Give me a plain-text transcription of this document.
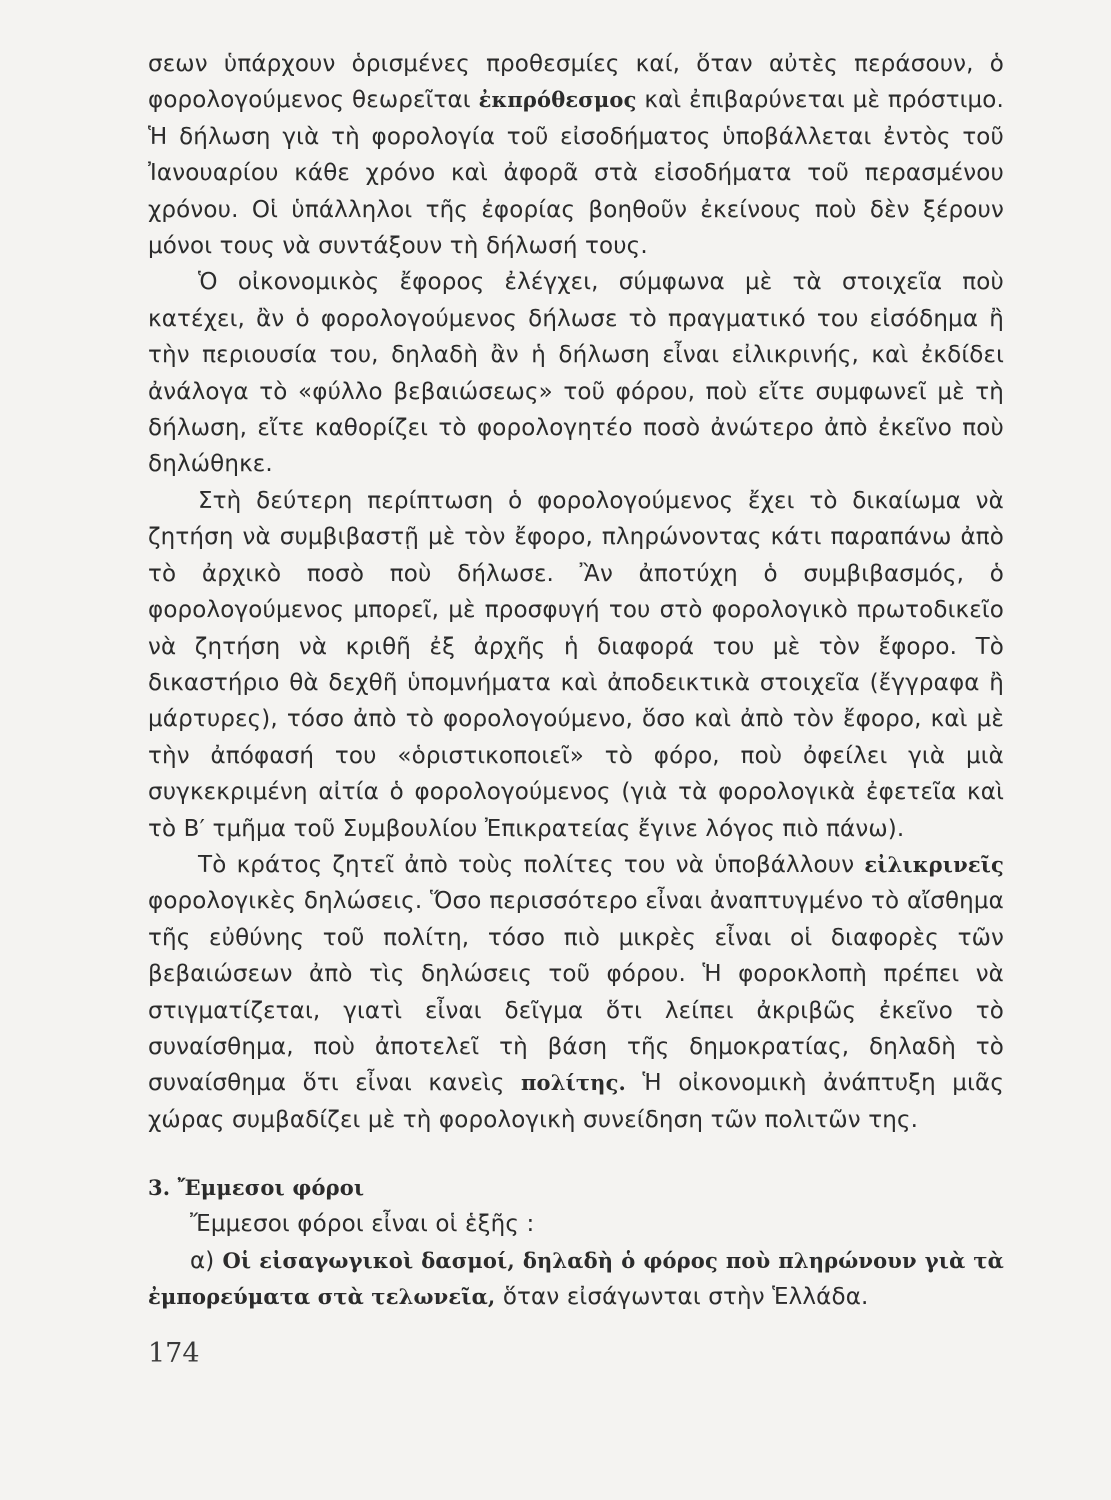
σεων ὑπάρχουν ὁρισμένες προθεσμίες καί, ὅταν αὐτὲς περάσουν, ὁ φορολογούμενος θεωρεῖται ἐκπρόθεσμος καὶ ἐπιβαρύνεται μὲ πρόστιμο. Ἡ δήλωση γιὰ τὴ φορολογία τοῦ εἰσοδήματος ὑποβάλλεται ἐντὸς τοῦ Ἰανουαρίου κάθε χρόνο καὶ ἀφορᾶ στὰ εἰσοδήματα τοῦ περασμένου χρόνου. Οἱ ὑπάλληλοι τῆς ἐφορίας βοηθοῦν ἐκείνους ποὺ δὲν ξέρουν μόνοι τους νὰ συντάξουν τὴ δήλωσή τους.

Ὁ οἰκονομικὸς ἔφορος ἐλέγχει, σύμφωνα μὲ τὰ στοιχεῖα ποὺ κατέχει, ἂν ὁ φορολογούμενος δήλωσε τὸ πραγματικό του εἰσόδημα ἢ τὴν περιουσία του, δηλαδὴ ἂν ἡ δήλωση εἶναι εἰλικρινής, καὶ ἐκδίδει ἀνάλογα τὸ «φύλλο βεβαιώσεως» τοῦ φόρου, ποὺ εἴτε συμφωνεῖ μὲ τὴ δήλωση, εἴτε καθορίζει τὸ φορολογητέο ποσὸ ἀνώτερο ἀπὸ ἐκεῖνο ποὺ δηλώθηκε.

Στὴ δεύτερη περίπτωση ὁ φορολογούμενος ἔχει τὸ δικαίωμα νὰ ζητήση νὰ συμβιβαστῇ μὲ τὸν ἔφορο, πληρώνοντας κάτι παραπάνω ἀπὸ τὸ ἀρχικὸ ποσὸ ποὺ δήλωσε. Ἂν ἀποτύχη ὁ συμβιβασμός, ὁ φορολογούμενος μπορεῖ, μὲ προσφυγή του στὸ φορολογικὸ πρωτοδικεῖο νὰ ζητήση νὰ κριθῆ ἐξ ἀρχῆς ἡ διαφορά του μὲ τὸν ἔφορο. Τὸ δικαστήριο θὰ δεχθῆ ὑπομνήματα καὶ ἀποδεικτικὰ στοιχεῖα (ἔγγραφα ἢ μάρτυρες), τόσο ἀπὸ τὸ φορολογούμενο, ὅσο καὶ ἀπὸ τὸν ἔφορο, καὶ μὲ τὴν ἀπόφασή του «ὁριστικοποιεῖ» τὸ φόρο, ποὺ ὀφείλει γιὰ μιὰ συγκεκριμένη αἰτία ὁ φορολογούμενος (γιὰ τὰ φορολογικὰ ἐφετεῖα καὶ τὸ Β′ τμῆμα τοῦ Συμβουλίου Ἐπικρατείας ἔγινε λόγος πιὸ πάνω).

Τὸ κράτος ζητεῖ ἀπὸ τοὺς πολίτες του νὰ ὑποβάλλουν εἰλικρινεῖς φορολογικὲς δηλώσεις. Ὅσο περισσότερο εἶναι ἀναπτυγμένο τὸ αἴσθημα τῆς εὐθύνης τοῦ πολίτη, τόσο πιὸ μικρὲς εἶναι οἱ διαφορὲς τῶν βεβαιώσεων ἀπὸ τὶς δηλώσεις τοῦ φόρου. Ἡ φοροκλοπὴ πρέπει νὰ στιγματίζεται, γιατὶ εἶναι δεῖγμα ὅτι λείπει ἀκριβῶς ἐκεῖνο τὸ συναίσθημα, ποὺ ἀποτελεῖ τὴ βάση τῆς δημοκρατίας, δηλαδὴ τὸ συναίσθημα ὅτι εἶναι κανεὶς πολίτης. Ἡ οἰκονομικὴ ἀνάπτυξη μιᾶς χώρας συμβαδίζει μὲ τὴ φορολογικὴ συνείδηση τῶν πολιτῶν της.

3. Ἔμμεσοι φόροι

Ἔμμεσοι φόροι εἶναι οἱ ἑξῆς :

α) Οἱ εἰσαγωγικοὶ δασμοί, δηλαδὴ ὁ φόρος ποὺ πληρώνουν γιὰ τὰ ἐμπορεύματα στὰ τελωνεῖα, ὅταν εἰσάγωνται στὴν Ἑλλάδα.

174
